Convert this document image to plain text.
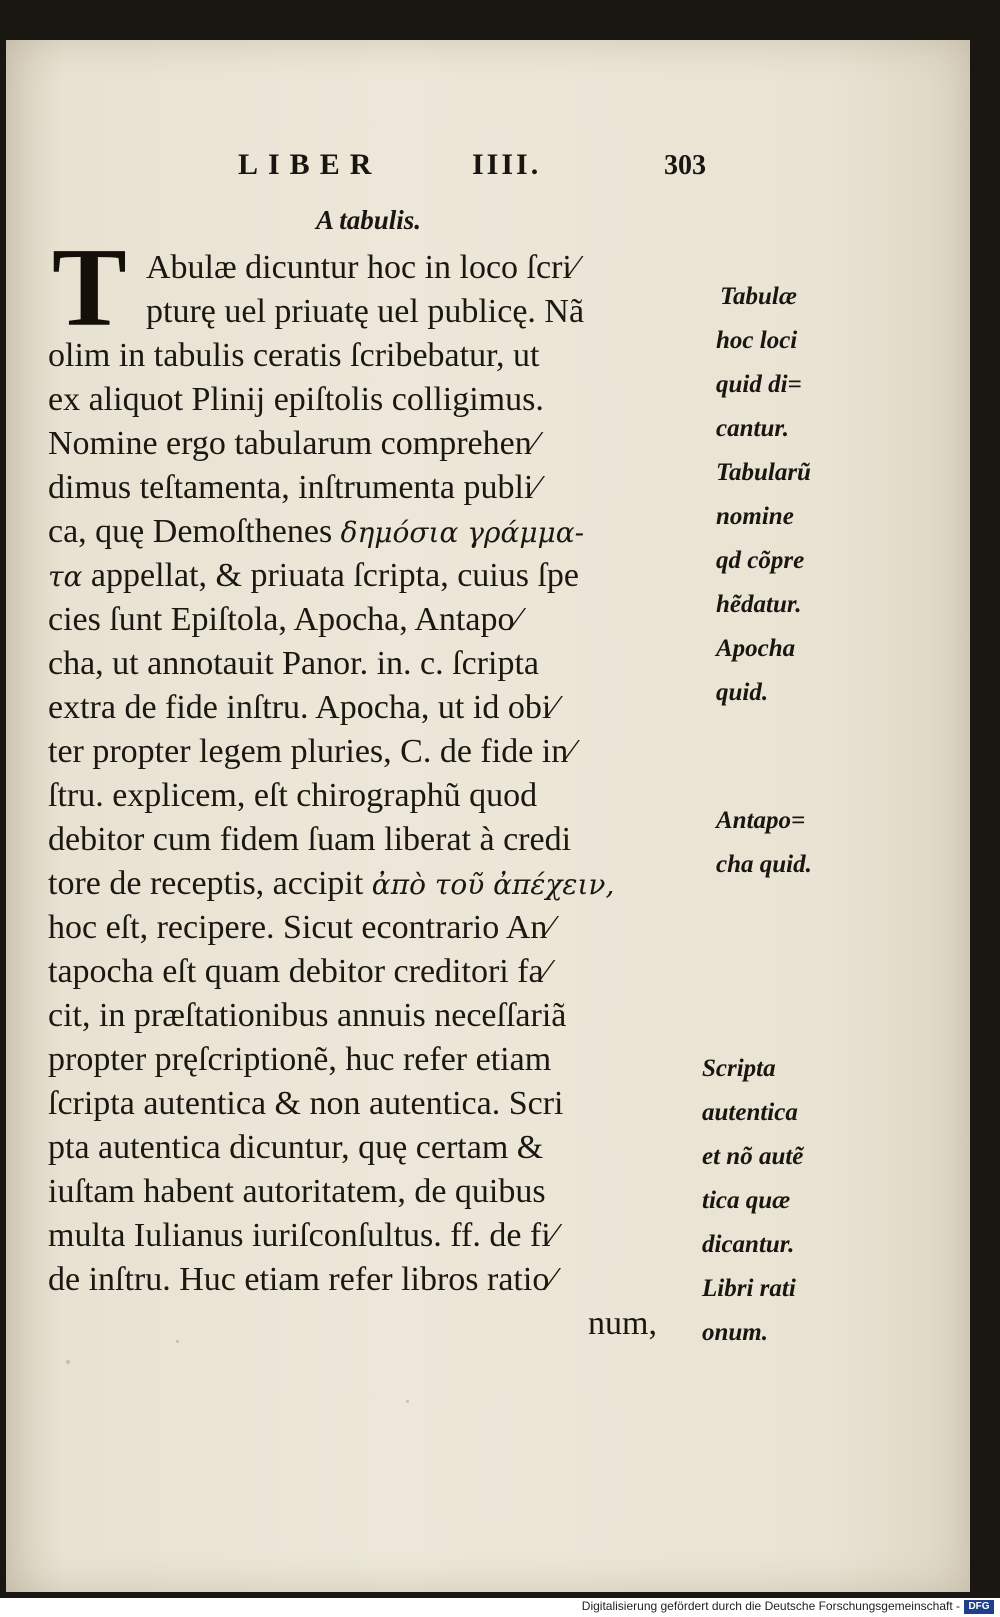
LIBER	IIII.	303
A tabulis.
T Abulæ dicuntur hoc in loco ſcri⁄
pturę uel priuatę uel publicę. Nã
olim in tabulis ceratis ſcribebatur, ut
ex aliquot Plinij epiſtolis colligimus.
Nomine ergo tabularum comprehen⁄
dimus teſtamenta, inſtrumenta publi⁄
ca, quę Demoſthenes δημόσια γράμμα-
τα appellat, & priuata ſcripta, cuius ſpe
cies ſunt Epiſtola, Apocha, Antapo⁄
cha, ut annotauit Panor. in. c. ſcripta
extra de fide inſtru. Apocha, ut id obi⁄
ter propter legem pluries, C. de fide in⁄
ſtru. explicem, eſt chirographũ quod
debitor cum fidem ſuam liberat à credi
tore de receptis, accipit ἀπὸ τοῦ ἀπέχειν,
hoc eſt, recipere. Sicut econtrario An⁄
tapocha eſt quam debitor creditori fa⁄
cit, in præſtationibus annuis neceſſariã
propter pręſcriptionẽ, huc refer etiam
ſcripta autentica & non autentica. Scri
pta autentica dicuntur, quę certam &
iuſtam habent autoritatem, de quibus
multa Iulianus iuriſconſultus. ff. de fi⁄
de inſtru. Huc etiam refer libros ratio⁄
num,
Tabulæ
hoc loci
quid di=
cantur.
Tabularũ
nomine
qd cõpre
hẽdatur.
Apocha
quid.
Antapo=
cha quid.
Scripta
autentica
et nõ autẽ
tica quæ
dicantur.
Libri rati
onum.
Digitalisierung gefördert durch die Deutsche Forschungsgemeinschaft - DFG
